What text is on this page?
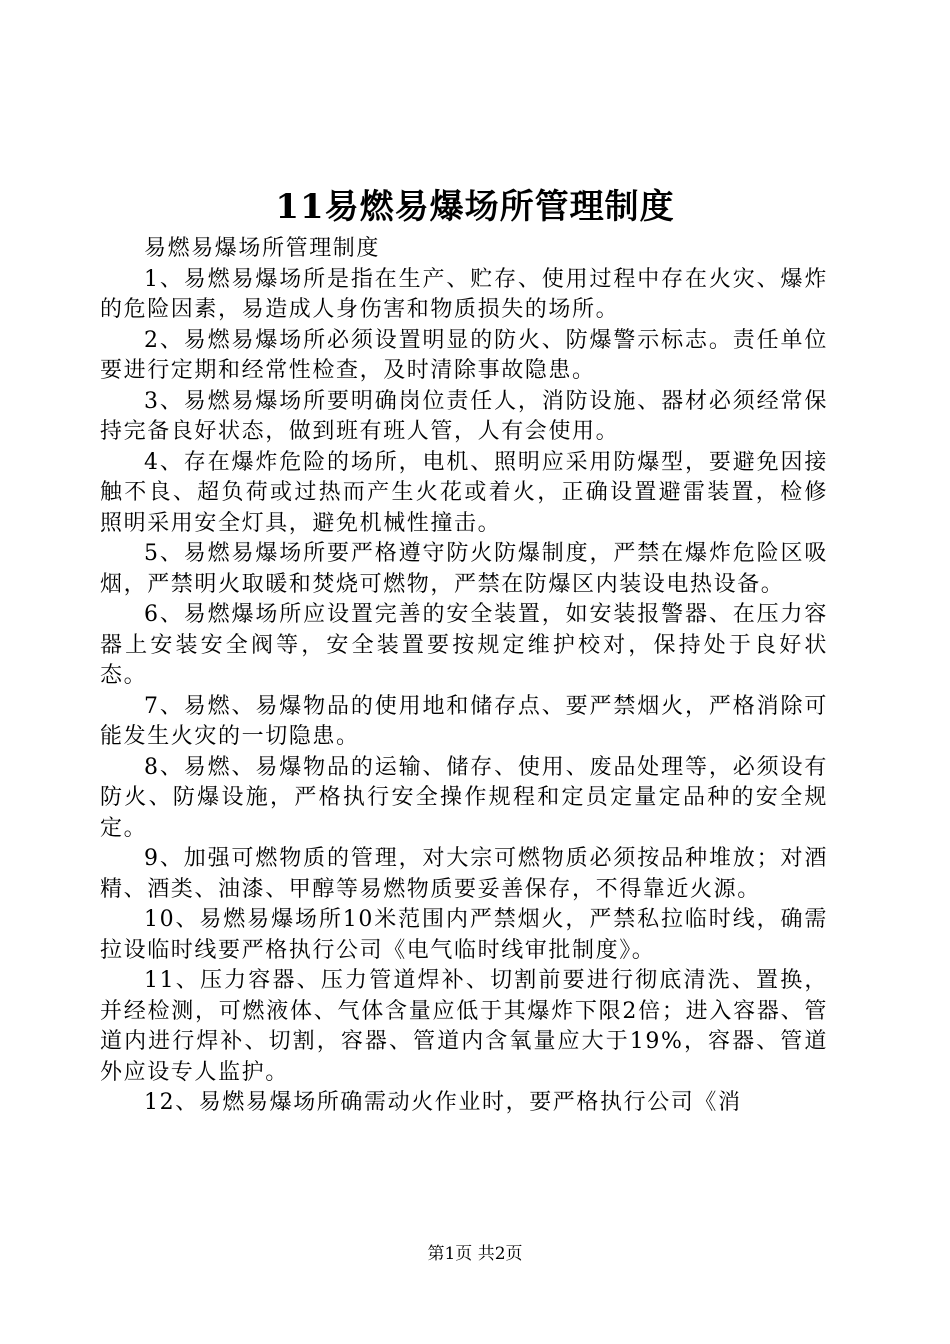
11易燃易爆场所管理制度

易燃易爆场所管理制度

1、易燃易爆场所是指在生产、贮存、使用过程中存在火灾、爆炸的危险因素，易造成人身伤害和物质损失的场所。

2、易燃易爆场所必须设置明显的防火、防爆警示标志。责任单位要进行定期和经常性检查，及时清除事故隐患。

3、易燃易爆场所要明确岗位责任人，消防设施、器材必须经常保持完备良好状态，做到班有班人管，人有会使用。

4、存在爆炸危险的场所，电机、照明应采用防爆型，要避免因接触不良、超负荷或过热而产生火花或着火，正确设置避雷装置，检修照明采用安全灯具，避免机械性撞击。

5、易燃易爆场所要严格遵守防火防爆制度，严禁在爆炸危险区吸烟，严禁明火取暖和焚烧可燃物，严禁在防爆区内装设电热设备。

6、易燃爆场所应设置完善的安全装置，如安装报警器、在压力容器上安装安全阀等，安全装置要按规定维护校对，保持处于良好状态。

7、易燃、易爆物品的使用地和储存点、要严禁烟火，严格消除可能发生火灾的一切隐患。

8、易燃、易爆物品的运输、储存、使用、废品处理等，必须设有防火、防爆设施，严格执行安全操作规程和定员定量定品种的安全规定。

9、加强可燃物质的管理，对大宗可燃物质必须按品种堆放；对酒精、酒类、油漆、甲醇等易燃物质要妥善保存，不得靠近火源。

10、易燃易爆场所10米范围内严禁烟火，严禁私拉临时线，确需拉设临时线要严格执行公司《电气临时线审批制度》。

11、压力容器、压力管道焊补、切割前要进行彻底清洗、置换，并经检测，可燃液体、气体含量应低于其爆炸下限2倍；进入容器、管道内进行焊补、切割，容器、管道内含氧量应大于19%，容器、管道外应设专人监护。

12、易燃易爆场所确需动火作业时，要严格执行公司《消

第1页 共2页
